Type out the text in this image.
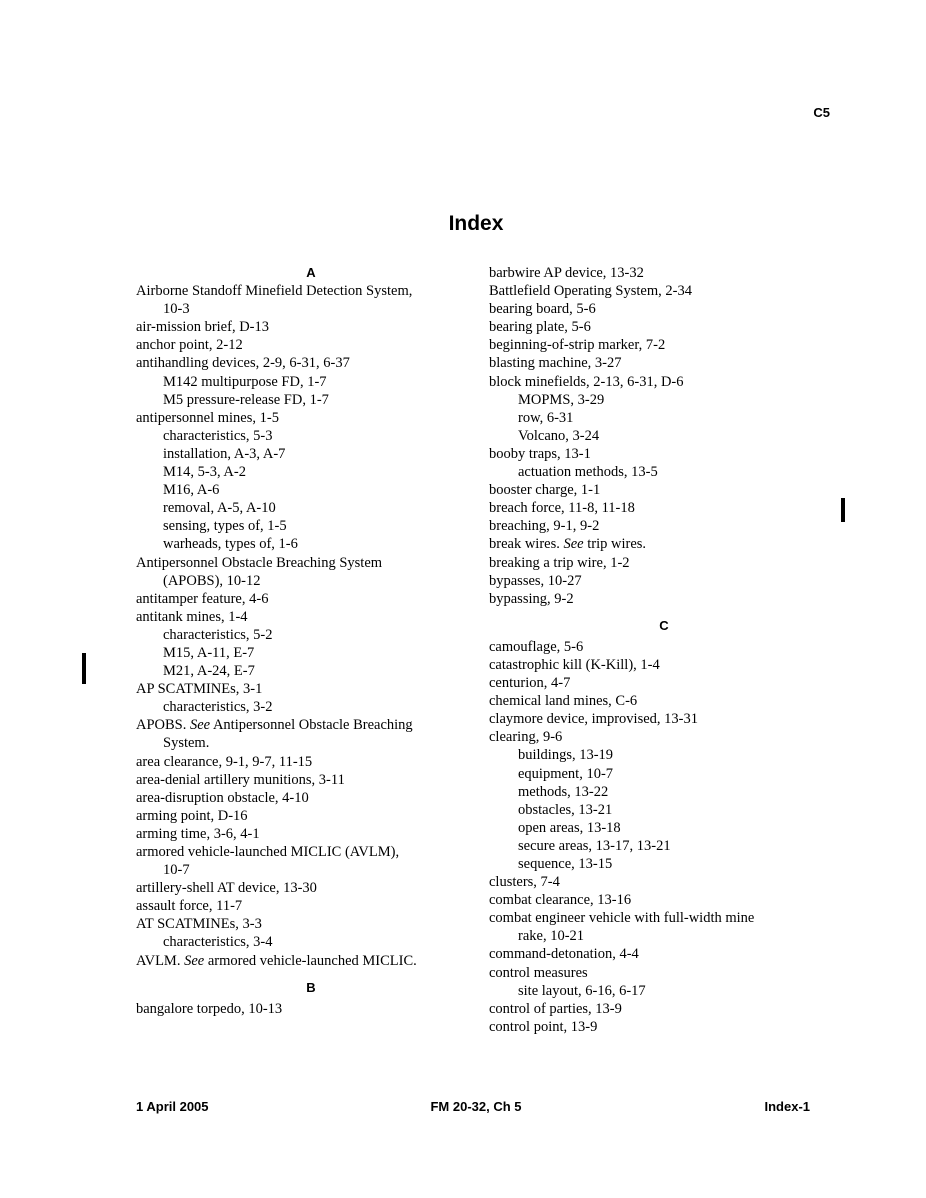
C5
Index
A
Airborne Standoff Minefield Detection System,
10-3
air-mission brief, D-13
anchor point, 2-12
antihandling devices, 2-9, 6-31, 6-37
M142 multipurpose FD, 1-7
M5 pressure-release FD, 1-7
antipersonnel mines, 1-5
characteristics, 5-3
installation, A-3, A-7
M14, 5-3, A-2
M16, A-6
removal, A-5, A-10
sensing, types of, 1-5
warheads, types of, 1-6
Antipersonnel Obstacle Breaching System
(APOBS), 10-12
antitamper feature, 4-6
antitank mines, 1-4
characteristics, 5-2
M15, A-11, E-7
M21, A-24, E-7
AP SCATMINEs, 3-1
characteristics, 3-2
APOBS. See Antipersonnel Obstacle Breaching
System.
area clearance, 9-1, 9-7, 11-15
area-denial artillery munitions, 3-11
area-disruption obstacle, 4-10
arming point, D-16
arming time, 3-6, 4-1
armored vehicle-launched MICLIC (AVLM),
10-7
artillery-shell AT device, 13-30
assault force, 11-7
AT SCATMINEs, 3-3
characteristics, 3-4
AVLM. See armored vehicle-launched MICLIC.
B
bangalore torpedo, 10-13
barbwire AP device, 13-32
Battlefield Operating System, 2-34
bearing board, 5-6
bearing plate, 5-6
beginning-of-strip marker, 7-2
blasting machine, 3-27
block minefields, 2-13, 6-31, D-6
MOPMS, 3-29
row, 6-31
Volcano, 3-24
booby traps, 13-1
actuation methods, 13-5
booster charge, 1-1
breach force, 11-8, 11-18
breaching, 9-1, 9-2
break wires. See trip wires.
breaking a trip wire, 1-2
bypasses, 10-27
bypassing, 9-2
C
camouflage, 5-6
catastrophic kill (K-Kill), 1-4
centurion, 4-7
chemical land mines, C-6
claymore device, improvised, 13-31
clearing, 9-6
buildings, 13-19
equipment, 10-7
methods, 13-22
obstacles, 13-21
open areas, 13-18
secure areas, 13-17, 13-21
sequence, 13-15
clusters, 7-4
combat clearance, 13-16
combat engineer vehicle with full-width mine
rake, 10-21
command-detonation, 4-4
control measures
site layout, 6-16, 6-17
control of parties, 13-9
control point, 13-9
1 April 2005	FM 20-32, Ch 5	Index-1
